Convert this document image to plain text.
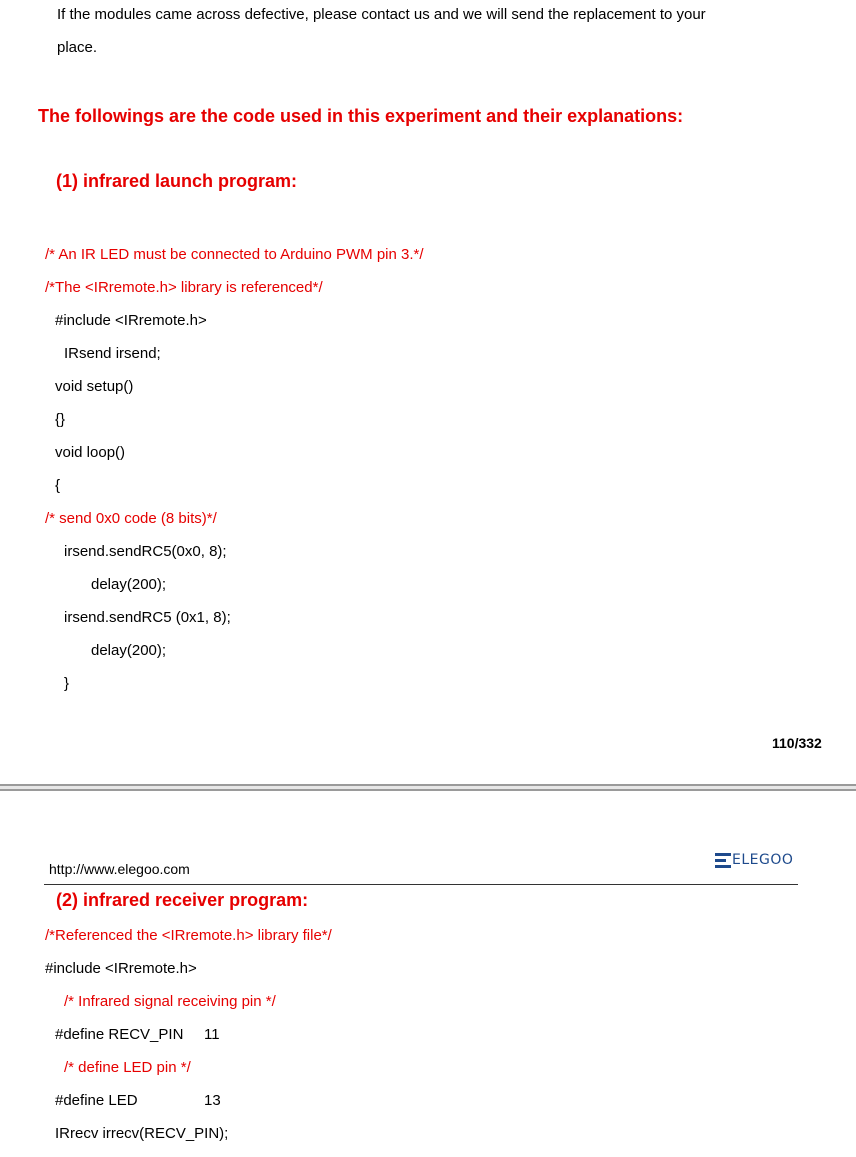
If the modules came across defective, please contact us and we will send the replacement to your
place.
The followings are the code used in this experiment and their explanations:
(1) infrared launch program:
/* An IR LED must be connected to Arduino PWM pin 3.*/
/*The <IRremote.h> library is referenced*/
#include <IRremote.h>
IRsend irsend;
void setup()
{}
void loop()
{
/* send 0x0 code (8 bits)*/
irsend.sendRC5(0x0, 8);
delay(200);
irsend.sendRC5 (0x1, 8);
delay(200);
}
110/332
http://www.elegoo.com
ELEGOO
(2) infrared receiver program:
/*Referenced the <IRremote.h> library file*/
#include <IRremote.h>
/* Infrared signal receiving pin */
#define RECV_PIN 11
/* define LED pin */
#define LED	13
IRrecv irrecv(RECV_PIN);
